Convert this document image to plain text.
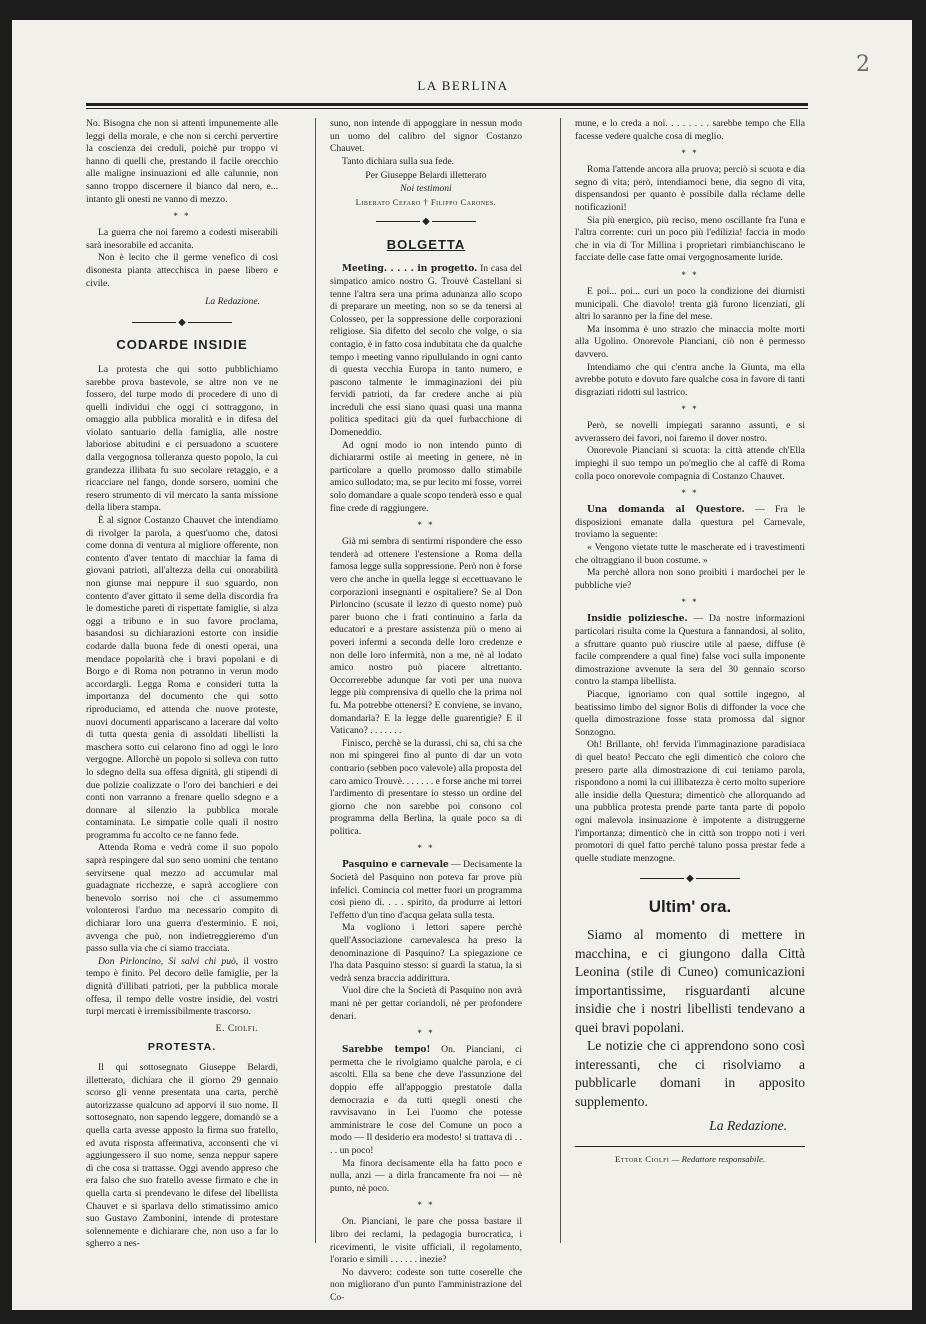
2
LA BERLINA

No. Bisogna che non si attenti impunemente alle leggi della morale, e che non si cerchi pervertire la coscienza dei creduli, poichè pur troppo vi hanno di quelli che, prestando il facile orecchio alle maligne insinuazioni ed alle calunnie, non sanno troppo discernere il bianco dal nero, e... intanto gli onesti ne vanno di mezzo.

* *

La guerra che noi faremo a codesti miserabili sarà inesorabile ed accanita.

Non è lecito che il germe venefico di così disonesta pianta attecchisca in paese libero e civile.

La Redazione.
◆
CODARDE INSIDIE

La protesta che qui sotto pubblichiamo sarebbe prova bastevole, se altre non ve ne fossero, del turpe modo di procedere di uno di quelli individui che oggi ci sottraggono, in omaggio alla pubblica moralità e in difesa del violato santuario della famiglia, alle nostre laboriose abitudini e ci persuadono a scuotere dalla vergognosa tolleranza questo popolo, la cui grandezza illibata fu suo secolare retaggio, e a ricacciare nel fango, donde sorsero, uomini che resero strumento di vil mercato la santa missione della libera stampa.

È al signor Costanzo Chauvet che intendiamo di rivolger la parola, a quest'uomo che, datosi come donna di ventura al migliore offerente, non contento d'aver tentato di macchiar la fama di giovani patrioti, all'altezza della cui onorabilità non giunse mai neppure il suo sguardo, non contento d'aver gittato il seme della discordia fra le domestiche pareti di rispettate famiglie, si alza oggi a tribuno e in suo favore proclama, basandosi su dichiarazioni estorte con insidie codarde dalla buona fede di onesti operai, una mendace popolarità che i bravi popolani e di Borgo e di Roma non potranno in verun modo accordargli. Legga Roma e consideri tutta la importanza del documento che qui sotto riproduciamo, ed attenda che nuove proteste, nuovi documenti appariscano a lacerare dal volto di tutta questa genia di assoldati libellisti la maschera sotto cui celarono fino ad oggi le loro vergogne. Allorchè un popolo si solleva con tutto lo sdegno della sua offesa dignità, gli stipendi di due polizie coalizzate o l'oro dei banchieri e dei conti non varranno a frenare quello sdegno e a donnare al silenzio la pubblica morale contaminata. Le simpatie colle quali il nostro programma fu accolto ce ne fanno fede.

Attenda Roma e vedrà come il suo popolo saprà respingere dal suo seno uomini che tentano servirsene qual mezzo ad accumular mal guadagnate ricchezze, e saprà accogliere con benevolo sorriso noi che ci assumemmo volonterosi l'arduo ma necessario compito di dichiarar loro una guerra d'esterminio. E noi, avvenga che può, non indietreggieremo d'un passo sulla via che ci siamo tracciata.

Don Pirloncino, Si salvi chi può, il vostro tempo è finito. Pel decoro delle famiglie, per la dignità d'illibati patrioti, per la pubblica morale offesa, il tempo delle vostre insidie, dei vostri turpi mercati è irremissibilmente trascorso.

E. Ciolfi.
PROTESTA.

Il qui sottosegnato Giuseppe Belardi, illetterato, dichiara che il giorno 29 gennaio scorso gli venne presentata una carta, perchè autorizzasse qualcuno ad apporvi il suo nome. Il sottosegnato, non sapendo leggere, domandò se a quella carta avesse apposto la firma suo fratello, ed avuta risposta affermativa, acconsentì che vi aggiungessero il suo nome, senza neppur sapere di che cosa si trattasse. Oggi avendo appreso che era falso che suo fratello avesse firmato e che in quella carta si prendevano le difese del libellista Chauvet e si sparlava dello stimatissimo amico suo Gustavo Zambonini, intende di protestare solennemente e dichiarare che, non uso a far lo sgherro a nes-

suno, non intende di appoggiare in nessun modo un uomo del calibro del signor Costanzo Chauvet.

Tanto dichiara sulla sua fede.

Per Giuseppe Belardi illetterato

Noi testimoni

Liberato Cefaro † Filippo Carones.

◆
BOLGETTA

Meeting. . . . . in progetto. In casa del simpatico amico nostro G. Trouvè Castellani si tenne l'altra sera una prima adunanza allo scopo di preparare un meeting, non so se da tenersi al Colosseo, per la soppressione delle corporazioni religiose. Sia difetto del secolo che volge, o sia contagio, è in fatto cosa indubitata che da qualche tempo i meeting vanno ripullulando in ogni canto di questa vecchia Europa in tanto numero, e pascono talmente le immaginazioni dei più fervidi patrioti, da far credere anche ai più increduli che essi siano quasi quasi una manna politica speditaci giù da quel furbacchione di Domeneddio.

Ad ogni modo io non intendo punto di dichiararmi ostile ai meeting in genere, nè in particolare a quello promosso dallo stimabile amico sullodato; ma, se pur lecito mi fosse, vorrei solo domandare a quale scopo tenderà esso e qual fine crede di raggiungere.

* *

Già mi sembra di sentirmi rispondere che esso tenderà ad ottenere l'estensione a Roma della famosa legge sulla soppressione. Però non è forse vero che anche in quella legge si eccettuavano le corporazioni insegnanti e ospitaliere? Se al Don Pirloncino (scusate il lezzo di questo nome) può parer buono che i frati continuino a farla da educatori e a prestare assistenza più o meno ai poveri infermi a seconda delle loro credenze e non delle loro infermità, non a me, nè al lodato amico nostro può piacere altrettanto. Occorrerebbe adunque far voti per una nuova legge più comprensiva di quello che la prima nol fu. Ma potrebbe ottenersi? E conviene, se invano, domandarla? E la legge delle guarentigie? E il Vaticano? . . . . . . .

Finisco, perchè se la durassi, chi sa, chi sa che non mi spingerei fino al punto di dar un voto contrario (sebben poco valevole) alla proposta del caro amico Trouvè. . . . . . . e forse anche mi torrei l'ardimento di presentare io stesso un ordine del giorno che non sarebbe poi consono col programma della Berlina, la quale poco sa di politica.

* *

Pasquino e carnevale — Decisamente la Società del Pasquino non poteva far prove più infelici. Comincia col metter fuori un programma così pieno di. . . . spirito, da produrre ai lettori l'effetto d'un tino d'acqua gelata sulla testa.

Ma vogliono i lettori sapere perchè quell'Associazione carnevalesca ha preso la denominazione di Pasquino? La spiegazione ce l'ha data Pasquino stesso: si guardi la statua, la si vedrà senza braccia addirittura.

Vuol dire che la Società di Pasquino non avrà mani nè per gettar coriandoli, nè per profondere denari.

* *

Sarebbe tempo! On. Pianciani, ci permetta che le rivolgiamo qualche parola, e ci ascolti. Ella sa bene che deve l'assunzione del doppio effe all'appoggio prestatole dalla democrazia e da tutti quegli onesti che ravvisavano in Lei l'uomo che potesse amministrare le cose del Comune un poco a modo — Il desiderio era modesto! si trattava di . . . . un poco!

Ma finora decisamente ella ha fatto poco e nulla, anzi — a dirla francamente fra noi — nè punto, nè poco.

* *

On. Pianciani, le pare che possa bastare il libro dei reclami, la pedagogia burocratica, i ricevimenti, le visite ufficiali, il regolamento, l'orario e simili . . . . . . inezie?

No davvero: codeste son tutte coserelle che non migliorano d'un punto l'amministrazione del Co-

mune, e lo creda a noi. . . . . . . . sarebbe tempo che Ella facesse vedere qualche cosa di meglio.

* *

Roma l'attende ancora alla pruova; perciò si scuota e dia segno di vita; però, intendiamoci bene, dia segno di vita, dispensandosi per quanto è possibile dalla réclame delle notificazioni!

Sia più energico, più reciso, meno oscillante fra l'una e l'altra corrente: curi un poco più l'edilizia! faccia in modo che in via di Tor Millina i proprietari rimbianchiscano le facciate delle case fatte omai vergognosamente luride.

* *

E poi... poi... curi un poco la condizione dei diurnisti municipali. Che diavolo! trenta già furono licenziati, gli altri lo saranno per la fine del mese.

Ma insomma è uno strazio che minaccia molte morti alla Ugolino. Onorevole Pianciani, ciò non è permesso davvero.

Intendiamo che qui c'entra anche la Giunta, ma ella avrebbe potuto e dovuto fare qualche cosa in favore di tanti disgraziati ridotti sul lastrico.

* *

Però, se novelli impiegati saranno assunti, e si avverassero dei favori, noi faremo il dover nostro.

Onorevole Pianciani si scuota: la città attende ch'Ella impieghi il suo tempo un po'meglio che al caffè di Roma colla poco onorevole compagnia di Costanzo Chauvet.

* *

Una domanda al Questore. — Fra le disposizioni emanate dalla questura pel Carnevale, troviamo la seguente:

« Vengono vietate tutte le mascherate ed i travestimenti che oltraggiano il buon costume. »

Ma perchè allora non sono proibiti i mardochei per le pubbliche vie?

* *

Insidie poliziesche. — Da nostre informazioni particolari risulta come la Questura a fannandosi, al solito, a sfruttare quanto può riuscire utile al paese, diffuse (è facile comprendere a qual fine) false voci sulla imponente dimostrazione avvenute la sera del 30 gennaio scorso contro la stampa libellista.

Piacque, ignoriamo con qual sottile ingegno, al beatissimo limbo del signor Bolis di diffonder la voce che quella dimostrazione fosse stata promossa dal signor Sonzogno.

Oh! Brillante, oh! fervida l'immaginazione paradisiaca di quel beato! Peccato che egli dimenticò che coloro che presero parte alla dimostrazione di cui teniamo parola, rispondono a nomi la cui illibatezza è certo molto superiore alle insidie della Questura; dimenticò che allorquando ad una pubblica protesta prende parte tanta parte di popolo ogni malevola insinuazione è impotente a distruggerne l'importanza; dimenticò che in città son troppo noti i veri promotori di quel fatto perchè taluno possa prestar fede a quelle studiate menzogne.

◆
Ultim' ora.

Siamo al momento di mettere in macchina, e ci giungono dalla Città Leonina (stile di Cuneo) comunicazioni importantissime, risguardanti alcune insidie che i nostri libellisti tendevano a quei bravi popolani.

Le notizie che ci apprendono sono così interessanti, che ci risolviamo a pubblicarle domani in apposito supplemento.

La Redazione.
Ettore Ciolfi — Redattore responsabile.
